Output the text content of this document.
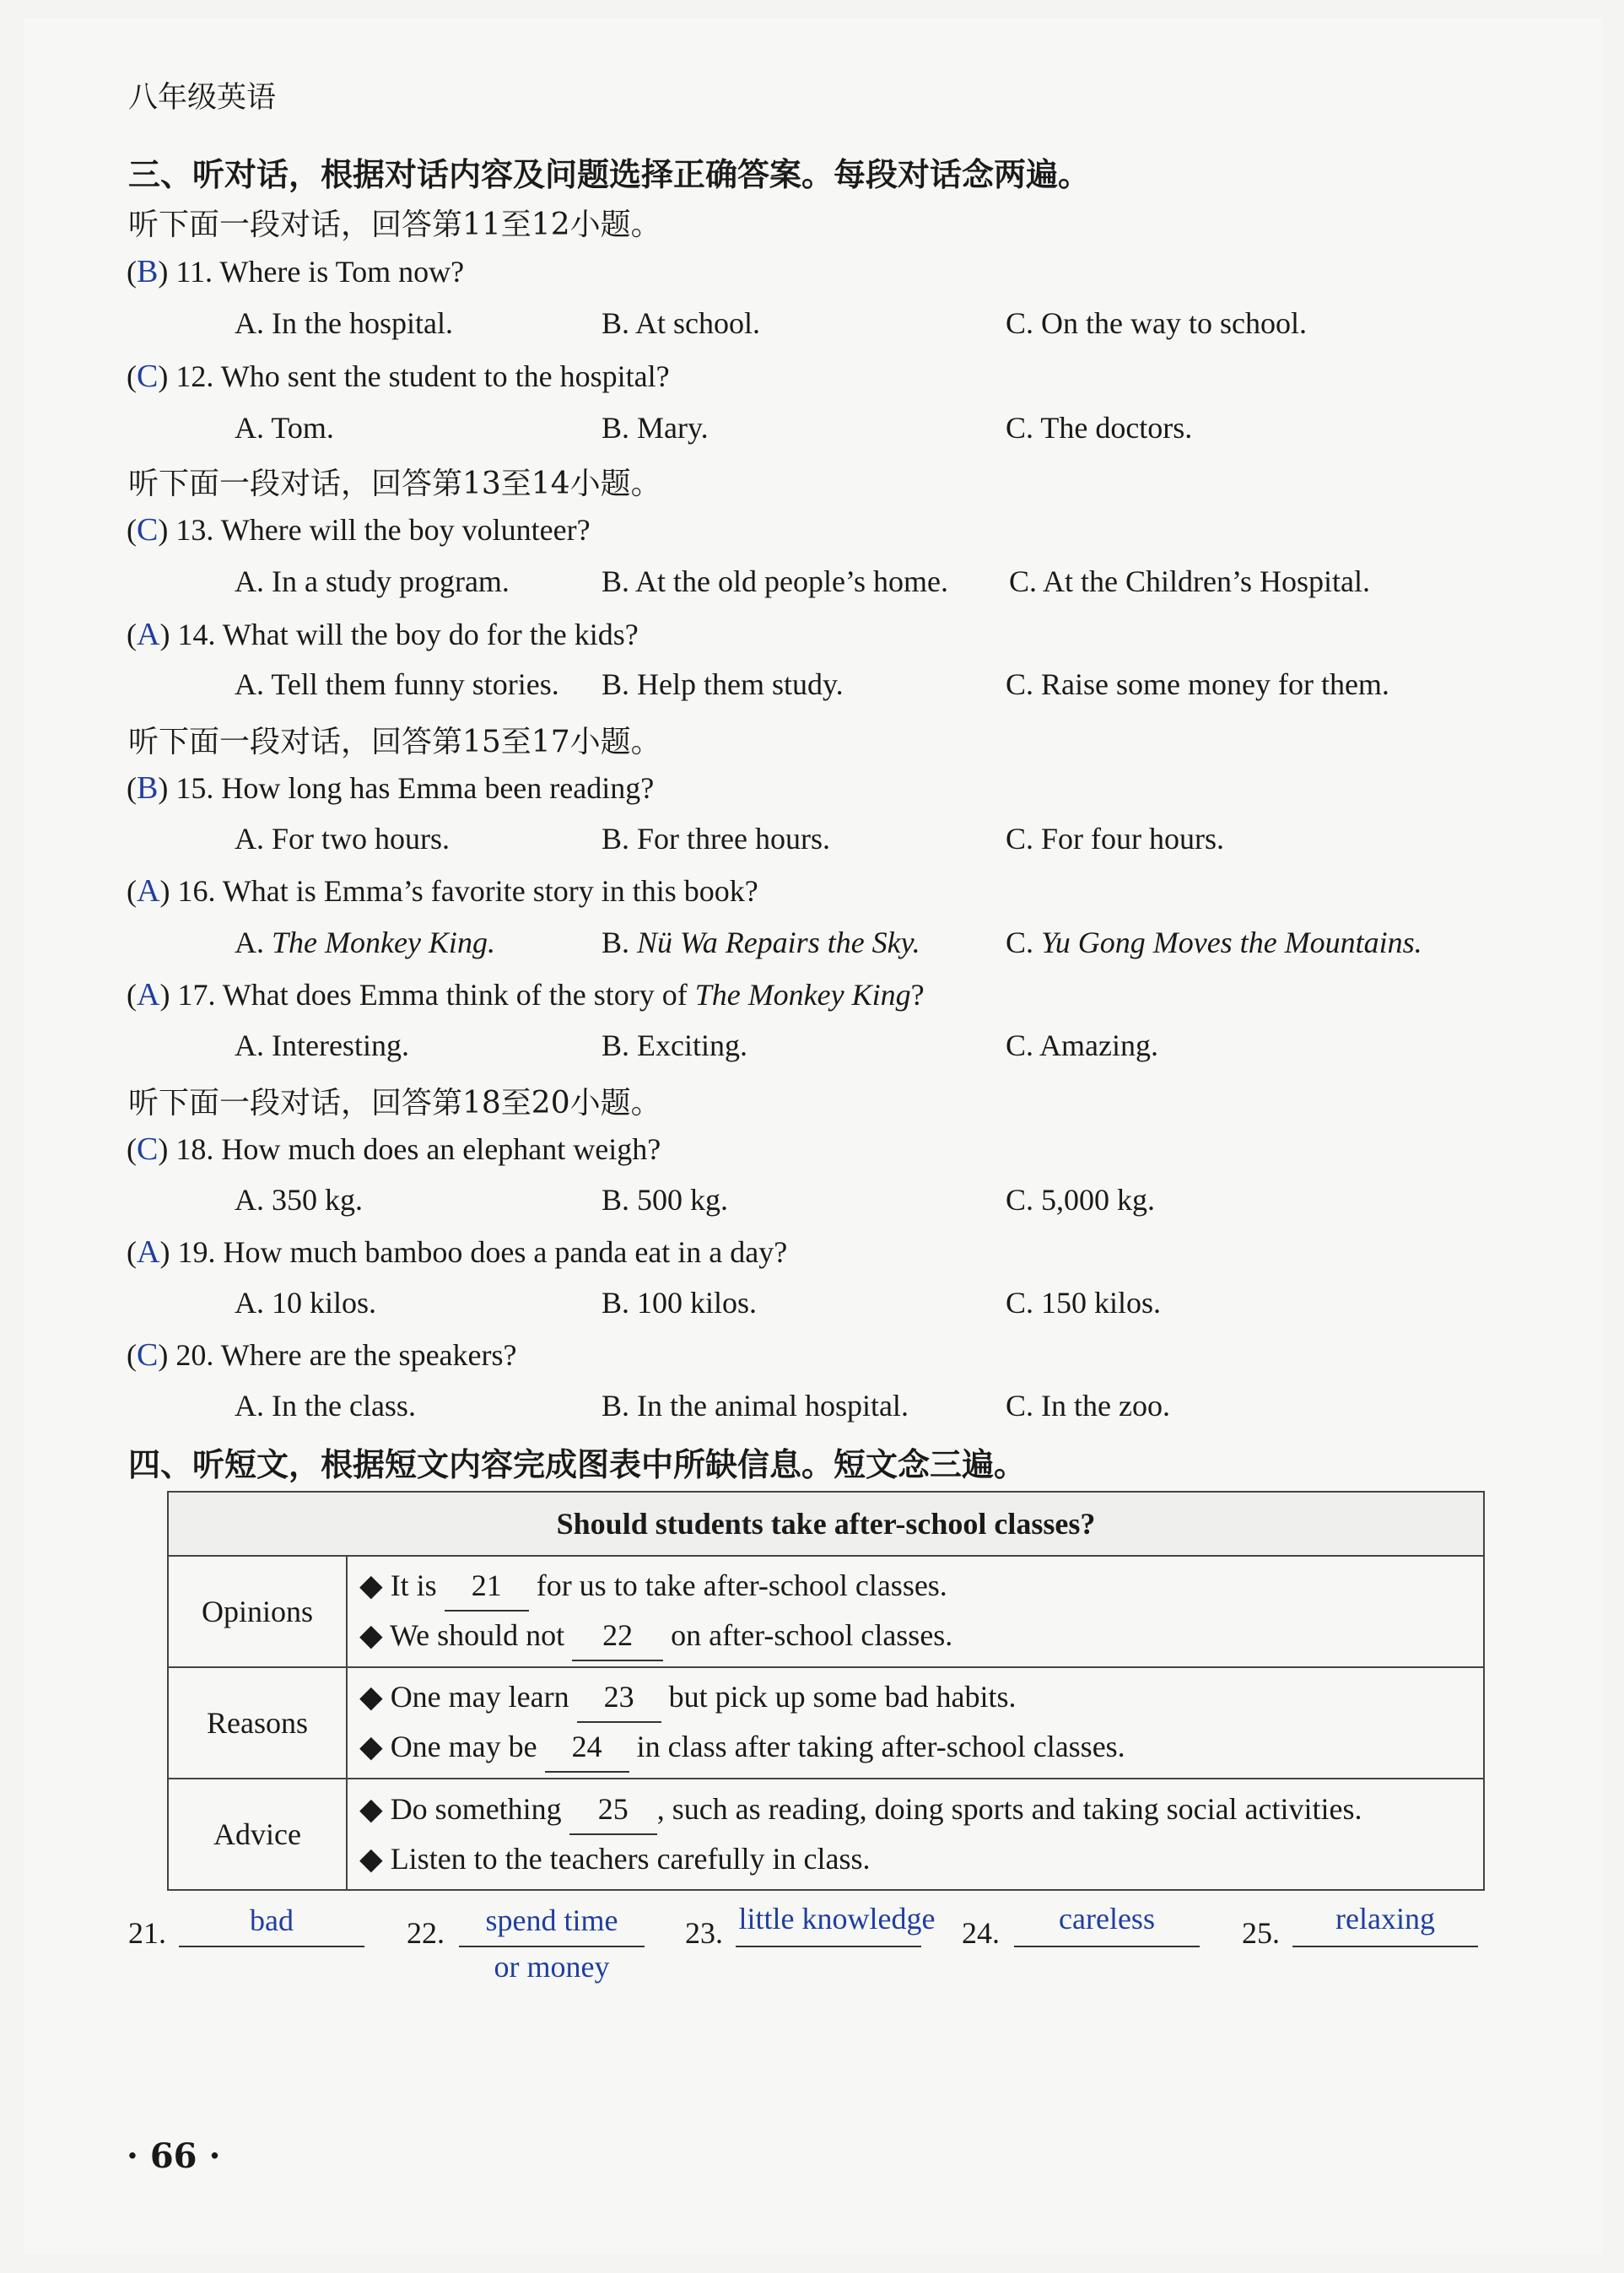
八年级英语
三、听对话，根据对话内容及问题选择正确答案。每段对话念两遍。
听下面一段对话，回答第11至12小题。
(B) 11. Where is Tom now?
A. In the hospital.	B. At school.	C. On the way to school.
(C) 12. Who sent the student to the hospital?
A. Tom.	B. Mary.	C. The doctors.
听下面一段对话，回答第13至14小题。
(C) 13. Where will the boy volunteer?
A. In a study program.	B. At the old people’s home. C. At the Children’s Hospital.
(A) 14. What will the boy do for the kids?
A. Tell them funny stories. B. Help them study.	C. Raise some money for them.
听下面一段对话，回答第15至17小题。
(B) 15. How long has Emma been reading?
A. For two hours.	B. For three hours.	C. For four hours.
(A) 16. What is Emma’s favorite story in this book?
A. The Monkey King.	B. Nü Wa Repairs the Sky.	C. Yu Gong Moves the Mountains.
(A) 17. What does Emma think of the story of The Monkey King?
A. Interesting.	B. Exciting.	C. Amazing.
听下面一段对话，回答第18至20小题。
(C) 18. How much does an elephant weigh?
A. 350 kg.	B. 500 kg.	C. 5,000 kg.
(A) 19. How much bamboo does a panda eat in a day?
A. 10 kilos.	B. 100 kilos.	C. 150 kilos.
(C) 20. Where are the speakers?
A. In the class.	B. In the animal hospital.	C. In the zoo.
四、听短文，根据短文内容完成图表中所缺信息。短文念三遍。
Should students take after-school classes?	
Opinions	◆ It is 21 for us to take after-school classes.
◆ We should not 22 on after-school classes.

Reasons	◆ One may learn 23 but pick up some bad habits.
◆ One may be 24 in class after taking after-school classes.

Advice	◆ Do something 25 , such as reading, doing sports and taking social activities.
◆ Listen to the teachers carefully in class.
21.	bad	22.	spend time
or money
23. little knowledge 24.	careless	25.	relaxing
· 66 ·
